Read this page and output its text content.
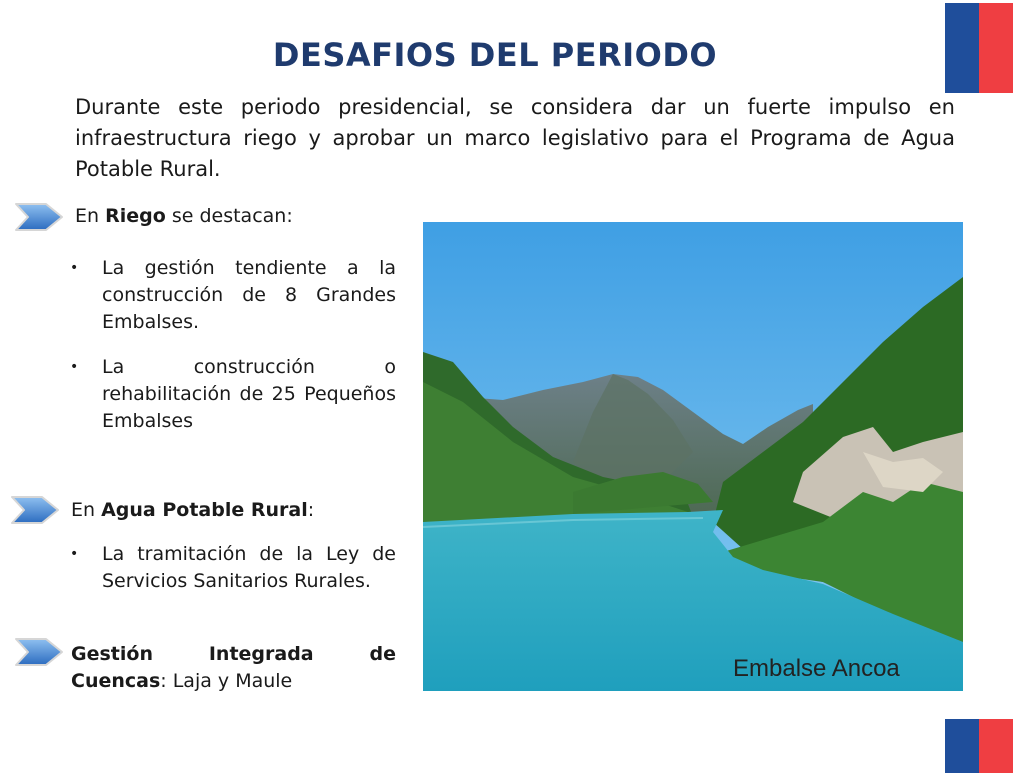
DESAFIOS DEL PERIODO

Durante este periodo presidencial, se considera dar un fuerte impulso en infraestructura riego y aprobar un marco legislativo para el Programa de Agua Potable Rural.

En Riego se destacan:
• La gestión tendiente a la construcción de 8 Grandes Embalses.
• La construcción o rehabilitación de 25 Pequeños Embalses
En Agua Potable Rural:
• La tramitación de la Ley de Servicios Sanitarios Rurales.
Gestión Integrada de Cuencas: Laja y Maule	Embalse Ancoa
